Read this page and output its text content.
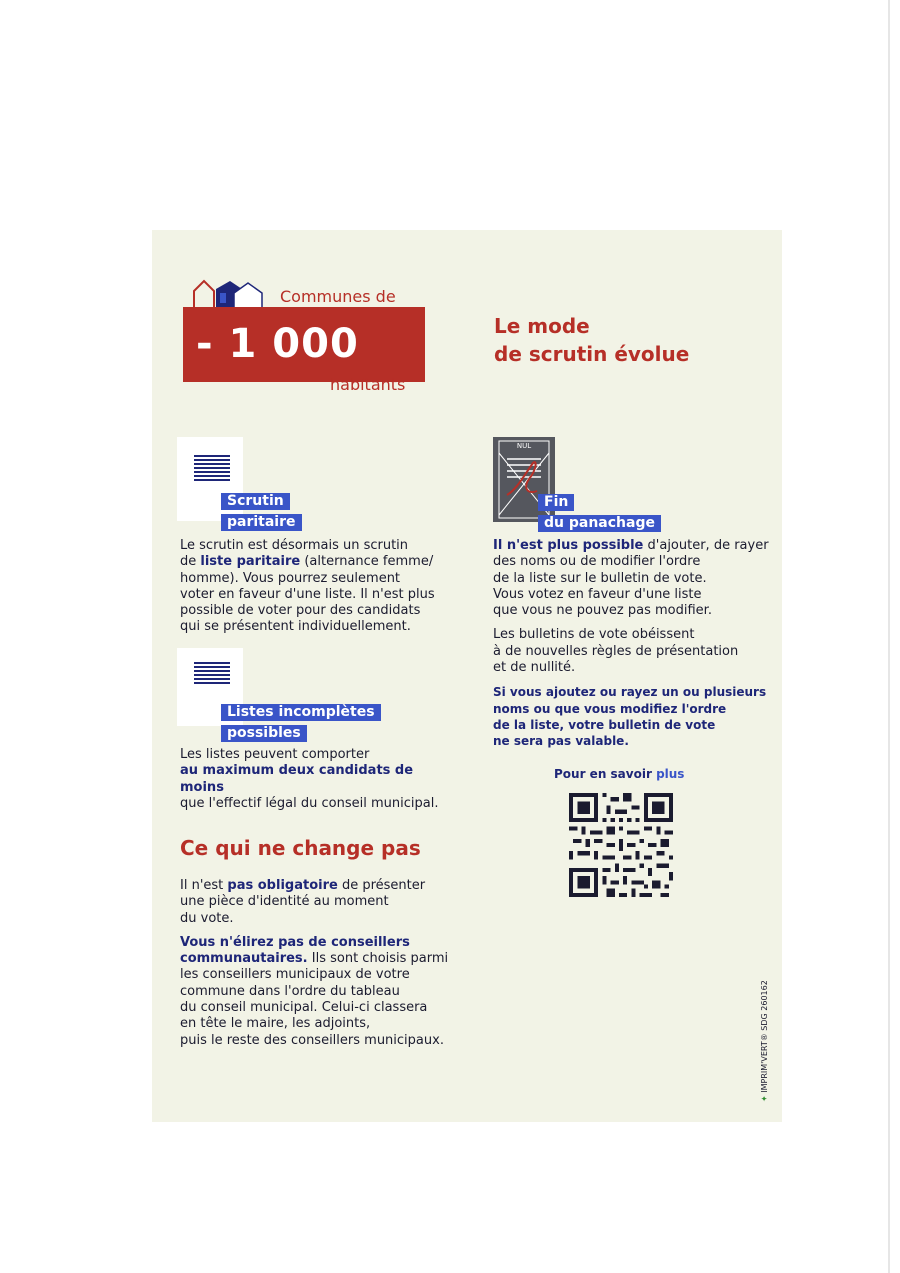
Communes de
- 1 000
habitants
Le mode
de scrutin évolue
Scrutin
paritaire
Le scrutin est désormais un scrutin
de liste paritaire (alternance femme/
homme). Vous pourrez seulement
voter en faveur d'une liste. Il n'est plus
possible de voter pour des candidats
qui se présentent individuellement.
Listes incomplètes
possibles
Les listes peuvent comporter
au maximum deux candidats de moins
que l'effectif légal du conseil municipal.
Ce qui ne change pas
Il n'est pas obligatoire de présenter
une pièce d'identité au moment
du vote.
Vous n'élirez pas de conseillers
communautaires. Ils sont choisis parmi
les conseillers municipaux de votre
commune dans l'ordre du tableau
du conseil municipal. Celui-ci classera
en tête le maire, les adjoints,
puis le reste des conseillers municipaux.
NUL
Fin
du panachage
Il n'est plus possible d'ajouter, de rayer
des noms ou de modifier l'ordre
de la liste sur le bulletin de vote.
Vous votez en faveur d'une liste
que vous ne pouvez pas modifier.
Les bulletins de vote obéissent
à de nouvelles règles de présentation
et de nullité.
Si vous ajoutez ou rayez un ou plusieurs
noms ou que vous modifiez l'ordre
de la liste, votre bulletin de vote
ne sera pas valable.
Pour en savoir plus
✦ IMPRIM'VERT® SDG 260162
